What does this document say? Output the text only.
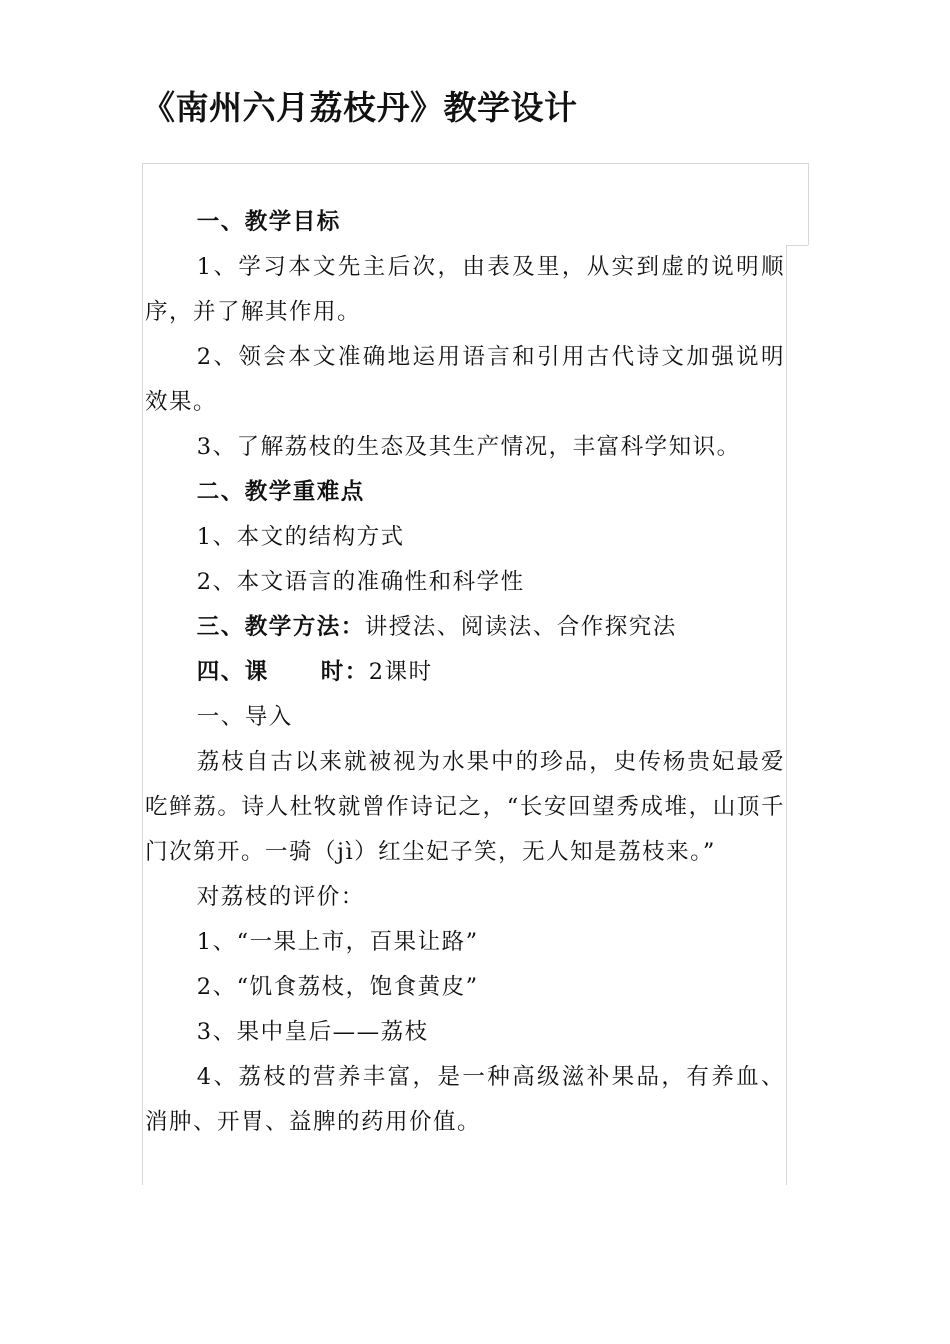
《南州六月荔枝丹》教学设计

一、教学目标

1、学习本文先主后次，由表及里，从实到虚的说明顺序，并了解其作用。

2、领会本文准确地运用语言和引用古代诗文加强说明效果。

3、了解荔枝的生态及其生产情况，丰富科学知识。

二、教学重难点

1、本文的结构方式

2、本文语言的准确性和科学性

三、教学方法：讲授法、阅读法、合作探究法

四、课 时：2课时

一、导入

荔枝自古以来就被视为水果中的珍品，史传杨贵妃最爱吃鲜荔。诗人杜牧就曾作诗记之，“长安回望秀成堆，山顶千门次第开。一骑（jì）红尘妃子笑，无人知是荔枝来。”

对荔枝的评价：

1、“一果上市，百果让路”

2、“饥食荔枝，饱食黄皮”

3、果中皇后——荔枝

4、荔枝的营养丰富，是一种高级滋补果品，有养血、消肿、开胃、益脾的药用价值。
